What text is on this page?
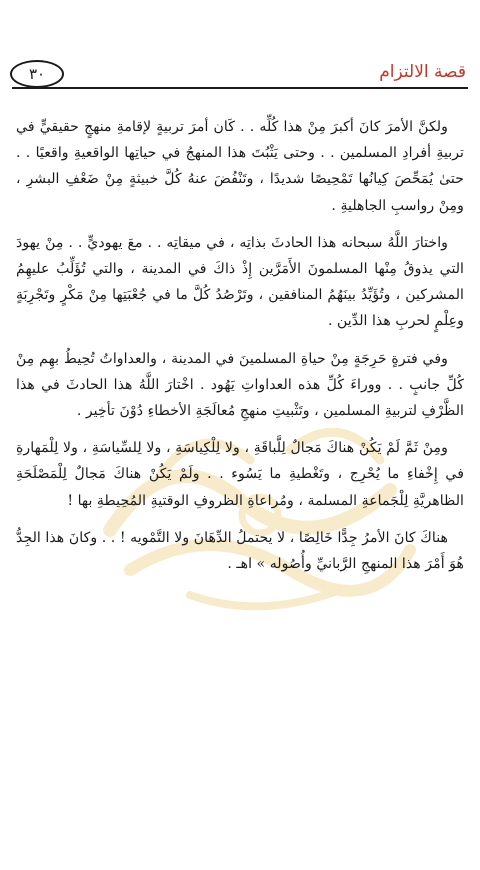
قصة الالتزام
٣٠

ولكنَّ الأمرَ كانَ أكبرَ مِنْ هذا كُلِّه . . كَان أمرَ تربيةٍ لإقامةِ منهجٍ حقيقيٍّ في تربيةِ أفرادِ المسلمين . . وحتى يَثْبُتَ هذا المنهجُ في حياتِها الواقعيةِ واقعيًا . . حتىٰ يُمَحِّصَ كِيانُها تَمْحِيصًا شديدًا ، وتَنْفُضَ عنهُ كُلَّ خبيثةٍ مِنْ ضَعْفِ البشرِ ، ومِنْ رواسبِ الجاهليةِ .

واختارَ اللَّهُ سبحانه هذا الحادثَ بذاتِه ، في ميقاتِه . . معَ يهوديٍّ . . مِنْ يهودَ التي يذوقُ مِنْها المسلمونَ الأَمَرَّين إِذْ ذاكَ في المدينة ، والتي تُؤَلِّبُ عليهِمُ المشركين ، وتُؤَيِّدُ بينَهُمُ المنافقين ، وتَرْصُدُ كُلَّ ما في جُعْبَتِها مِنْ مَكْرٍ وتَجْرِبَةٍ وعِلْمٍ لحربِ هذا الدِّين .

وفي فترةٍ حَرِجَةٍ مِنْ حياةِ المسلمينَ في المدينة ، والعداواتُ تُحِيطُ بهِم مِنْ كُلِّ جانبٍ . . ووراءَ كُلِّ هذه العداواتِ يَهُود . اخْتارَ اللَّهُ هذا الحادثَ في هذا الظَّرْفِ لتربيةِ المسلمين ، وتَثْبيتِ منهجِ مُعالَجَةِ الأخطاءِ دُوْنَ تأخِير .

ومِنْ ثَمَّ لَمْ يَكُنْ هناكَ مَجالٌ لِلَّباقَةِ ، ولا لِلْكِياسَةِ ، ولا لِلسِّياسَةِ ، ولا لِلْمَهارةِ في إِخْفاءِ ما يُحْرِج ، وتَغْطيةِ ما يَسُوء . . ولَمْ يَكُنْ هناكَ مَجالٌ لِلْمَصْلَحَةِ الظاهريَّةِ لِلْجَماعةِ المسلمة ، ومُراعاةِ الظروفِ الوقتيةِ المُحِيطةِ بها !

هناكَ كانَ الأمرُ جِدًّا خَالِصًا ، لا يحتملُ الدِّهَانَ ولا التَّمْويه ! . . وكانَ هذا الجِدُّ هُوَ أَمْرَ هذا المنهجِ الرَّبانيِّ وأُصُوله » اهـ .
